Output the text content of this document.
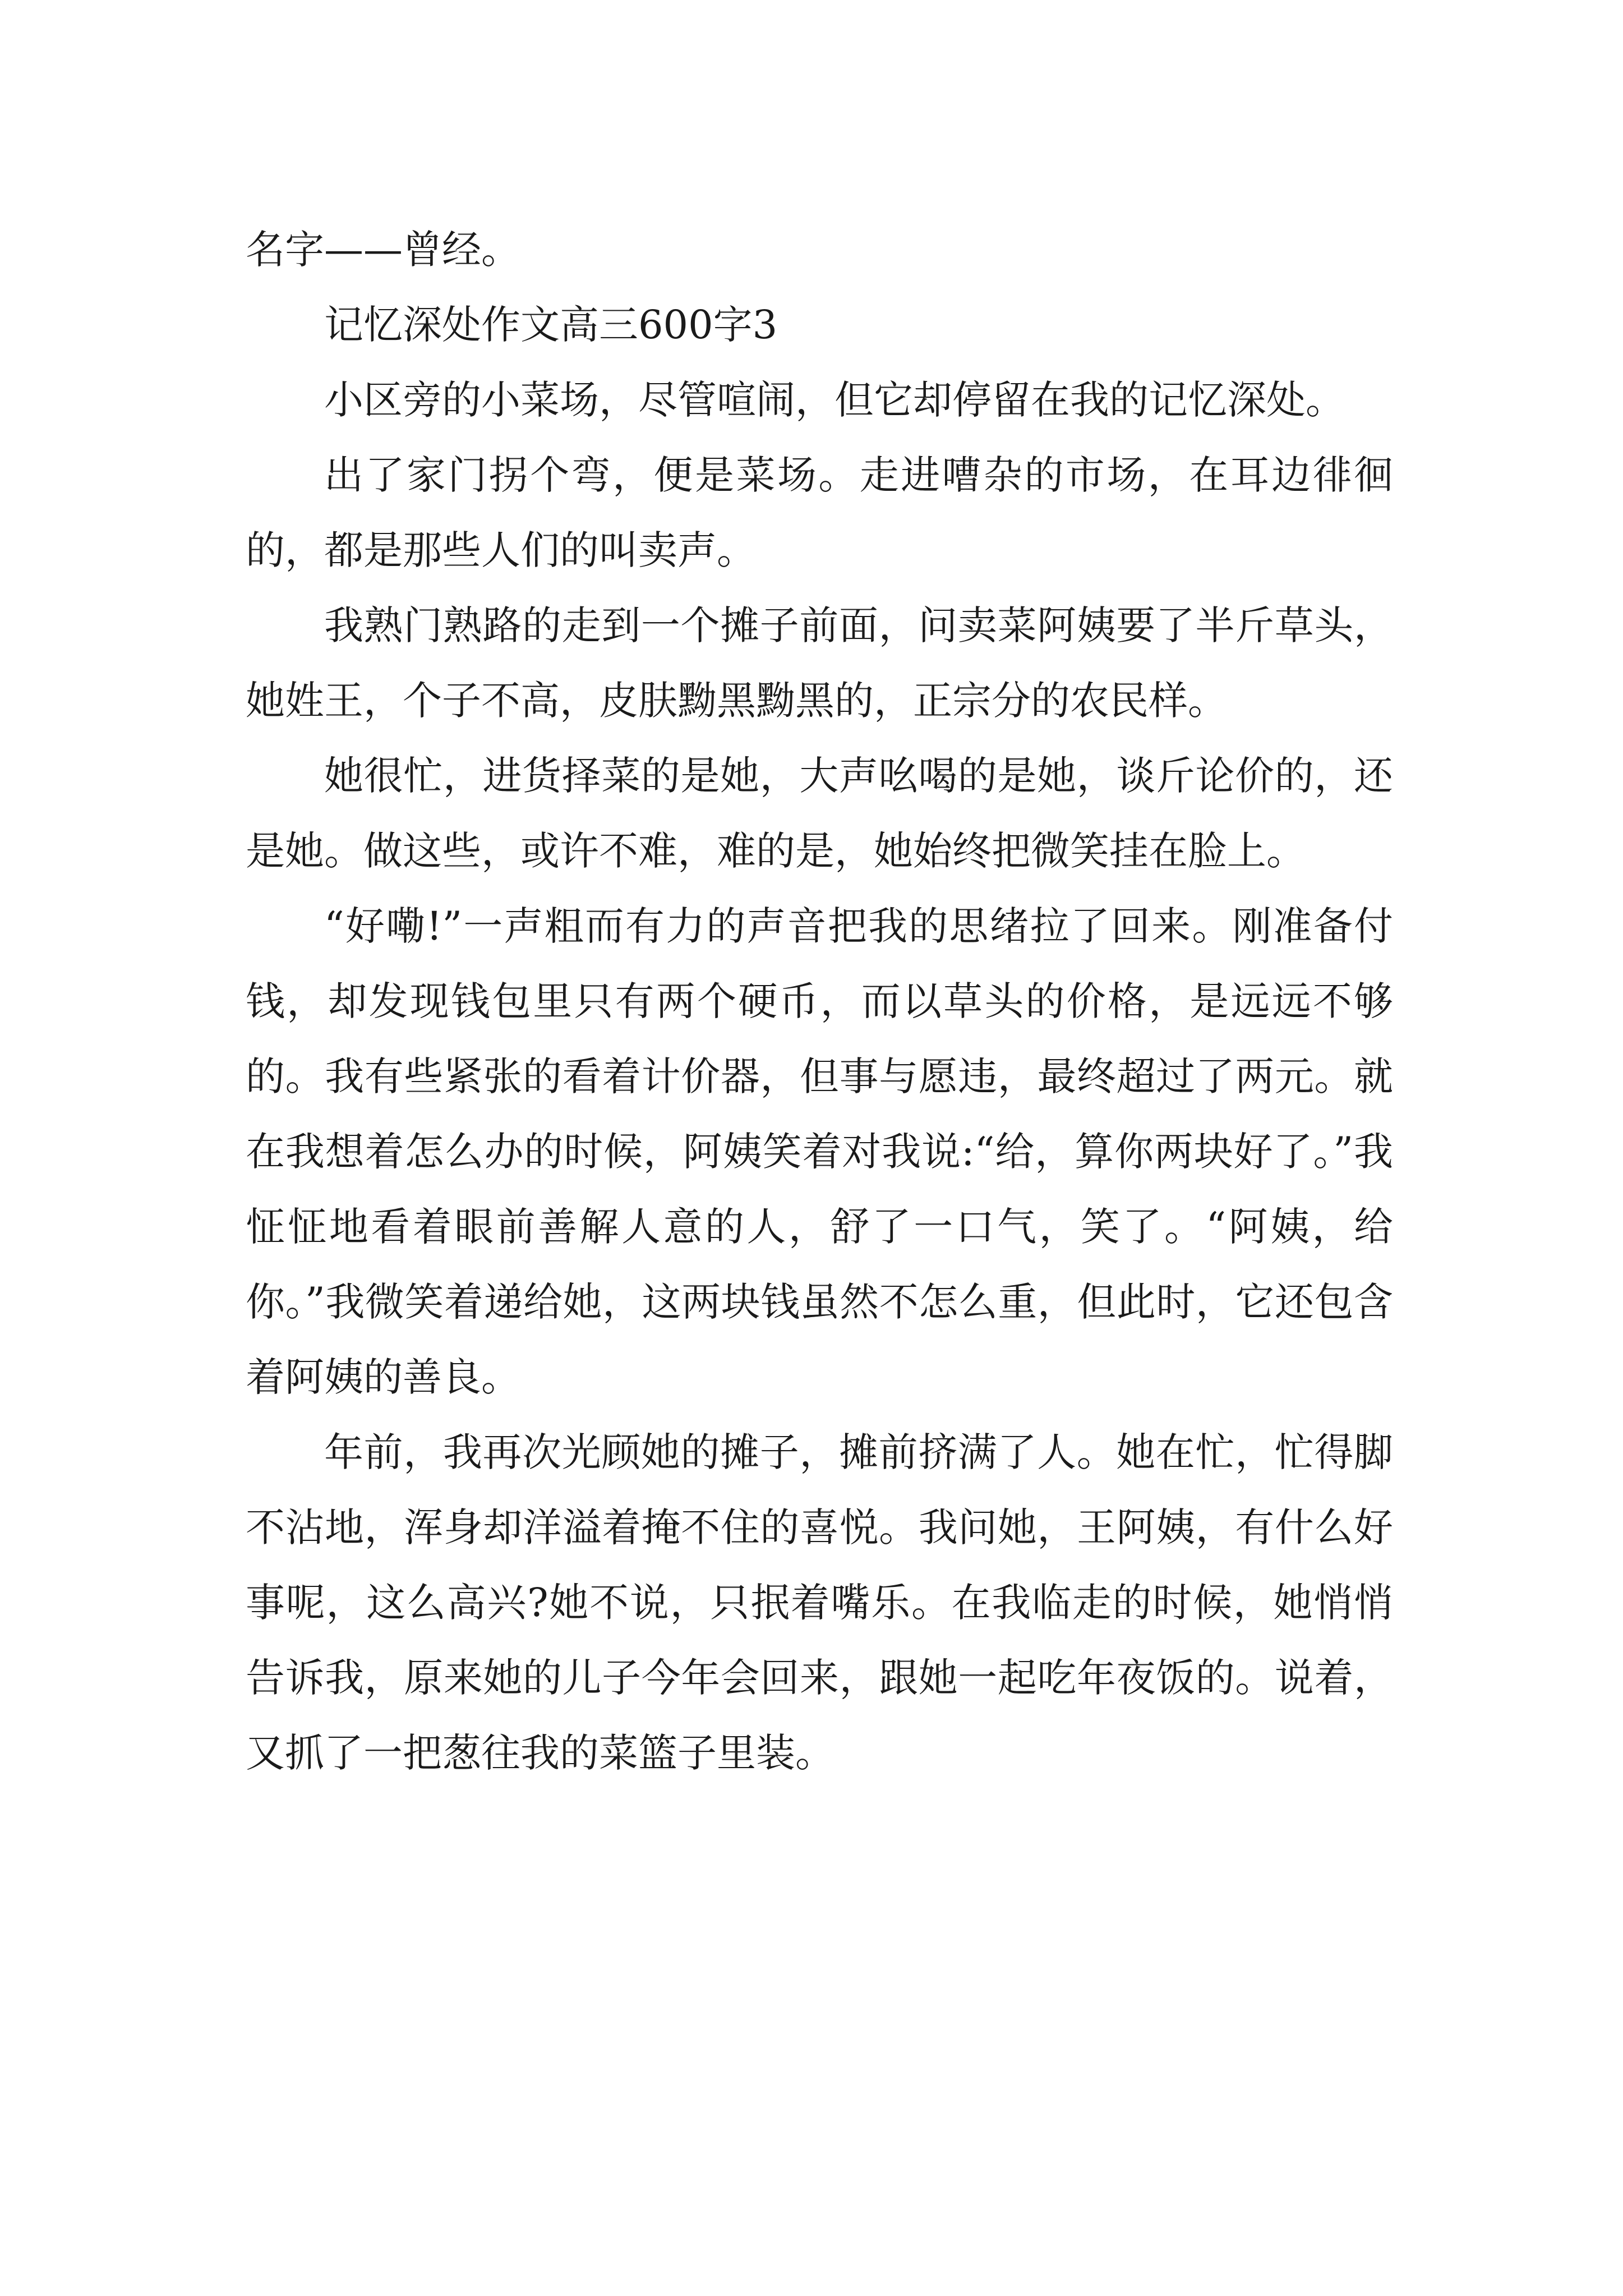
名字——曾经。

记忆深处作文高三600字3

小区旁的小菜场，尽管喧闹，但它却停留在我的记忆深处。

出了家门拐个弯，便是菜场。走进嘈杂的市场，在耳边徘徊的，都是那些人们的叫卖声。

我熟门熟路的走到一个摊子前面，问卖菜阿姨要了半斤草头，她姓王，个子不高，皮肤黝黑黝黑的，正宗分的农民样。

她很忙，进货择菜的是她，大声吆喝的是她，谈斤论价的，还是她。做这些，或许不难，难的是，她始终把微笑挂在脸上。

“好嘞!”一声粗而有力的声音把我的思绪拉了回来。刚准备付钱，却发现钱包里只有两个硬币，而以草头的价格，是远远不够的。我有些紧张的看着计价器，但事与愿违，最终超过了两元。就在我想着怎么办的时候，阿姨笑着对我说:“给，算你两块好了。”我怔怔地看着眼前善解人意的人，舒了一口气，笑了。“阿姨，给你。”我微笑着递给她，这两块钱虽然不怎么重，但此时，它还包含着阿姨的善良。

年前，我再次光顾她的摊子，摊前挤满了人。她在忙，忙得脚不沾地，浑身却洋溢着掩不住的喜悦。我问她，王阿姨，有什么好事呢，这么高兴?她不说，只抿着嘴乐。在我临走的时候，她悄悄告诉我，原来她的儿子今年会回来，跟她一起吃年夜饭的。说着，又抓了一把葱往我的菜篮子里装。
